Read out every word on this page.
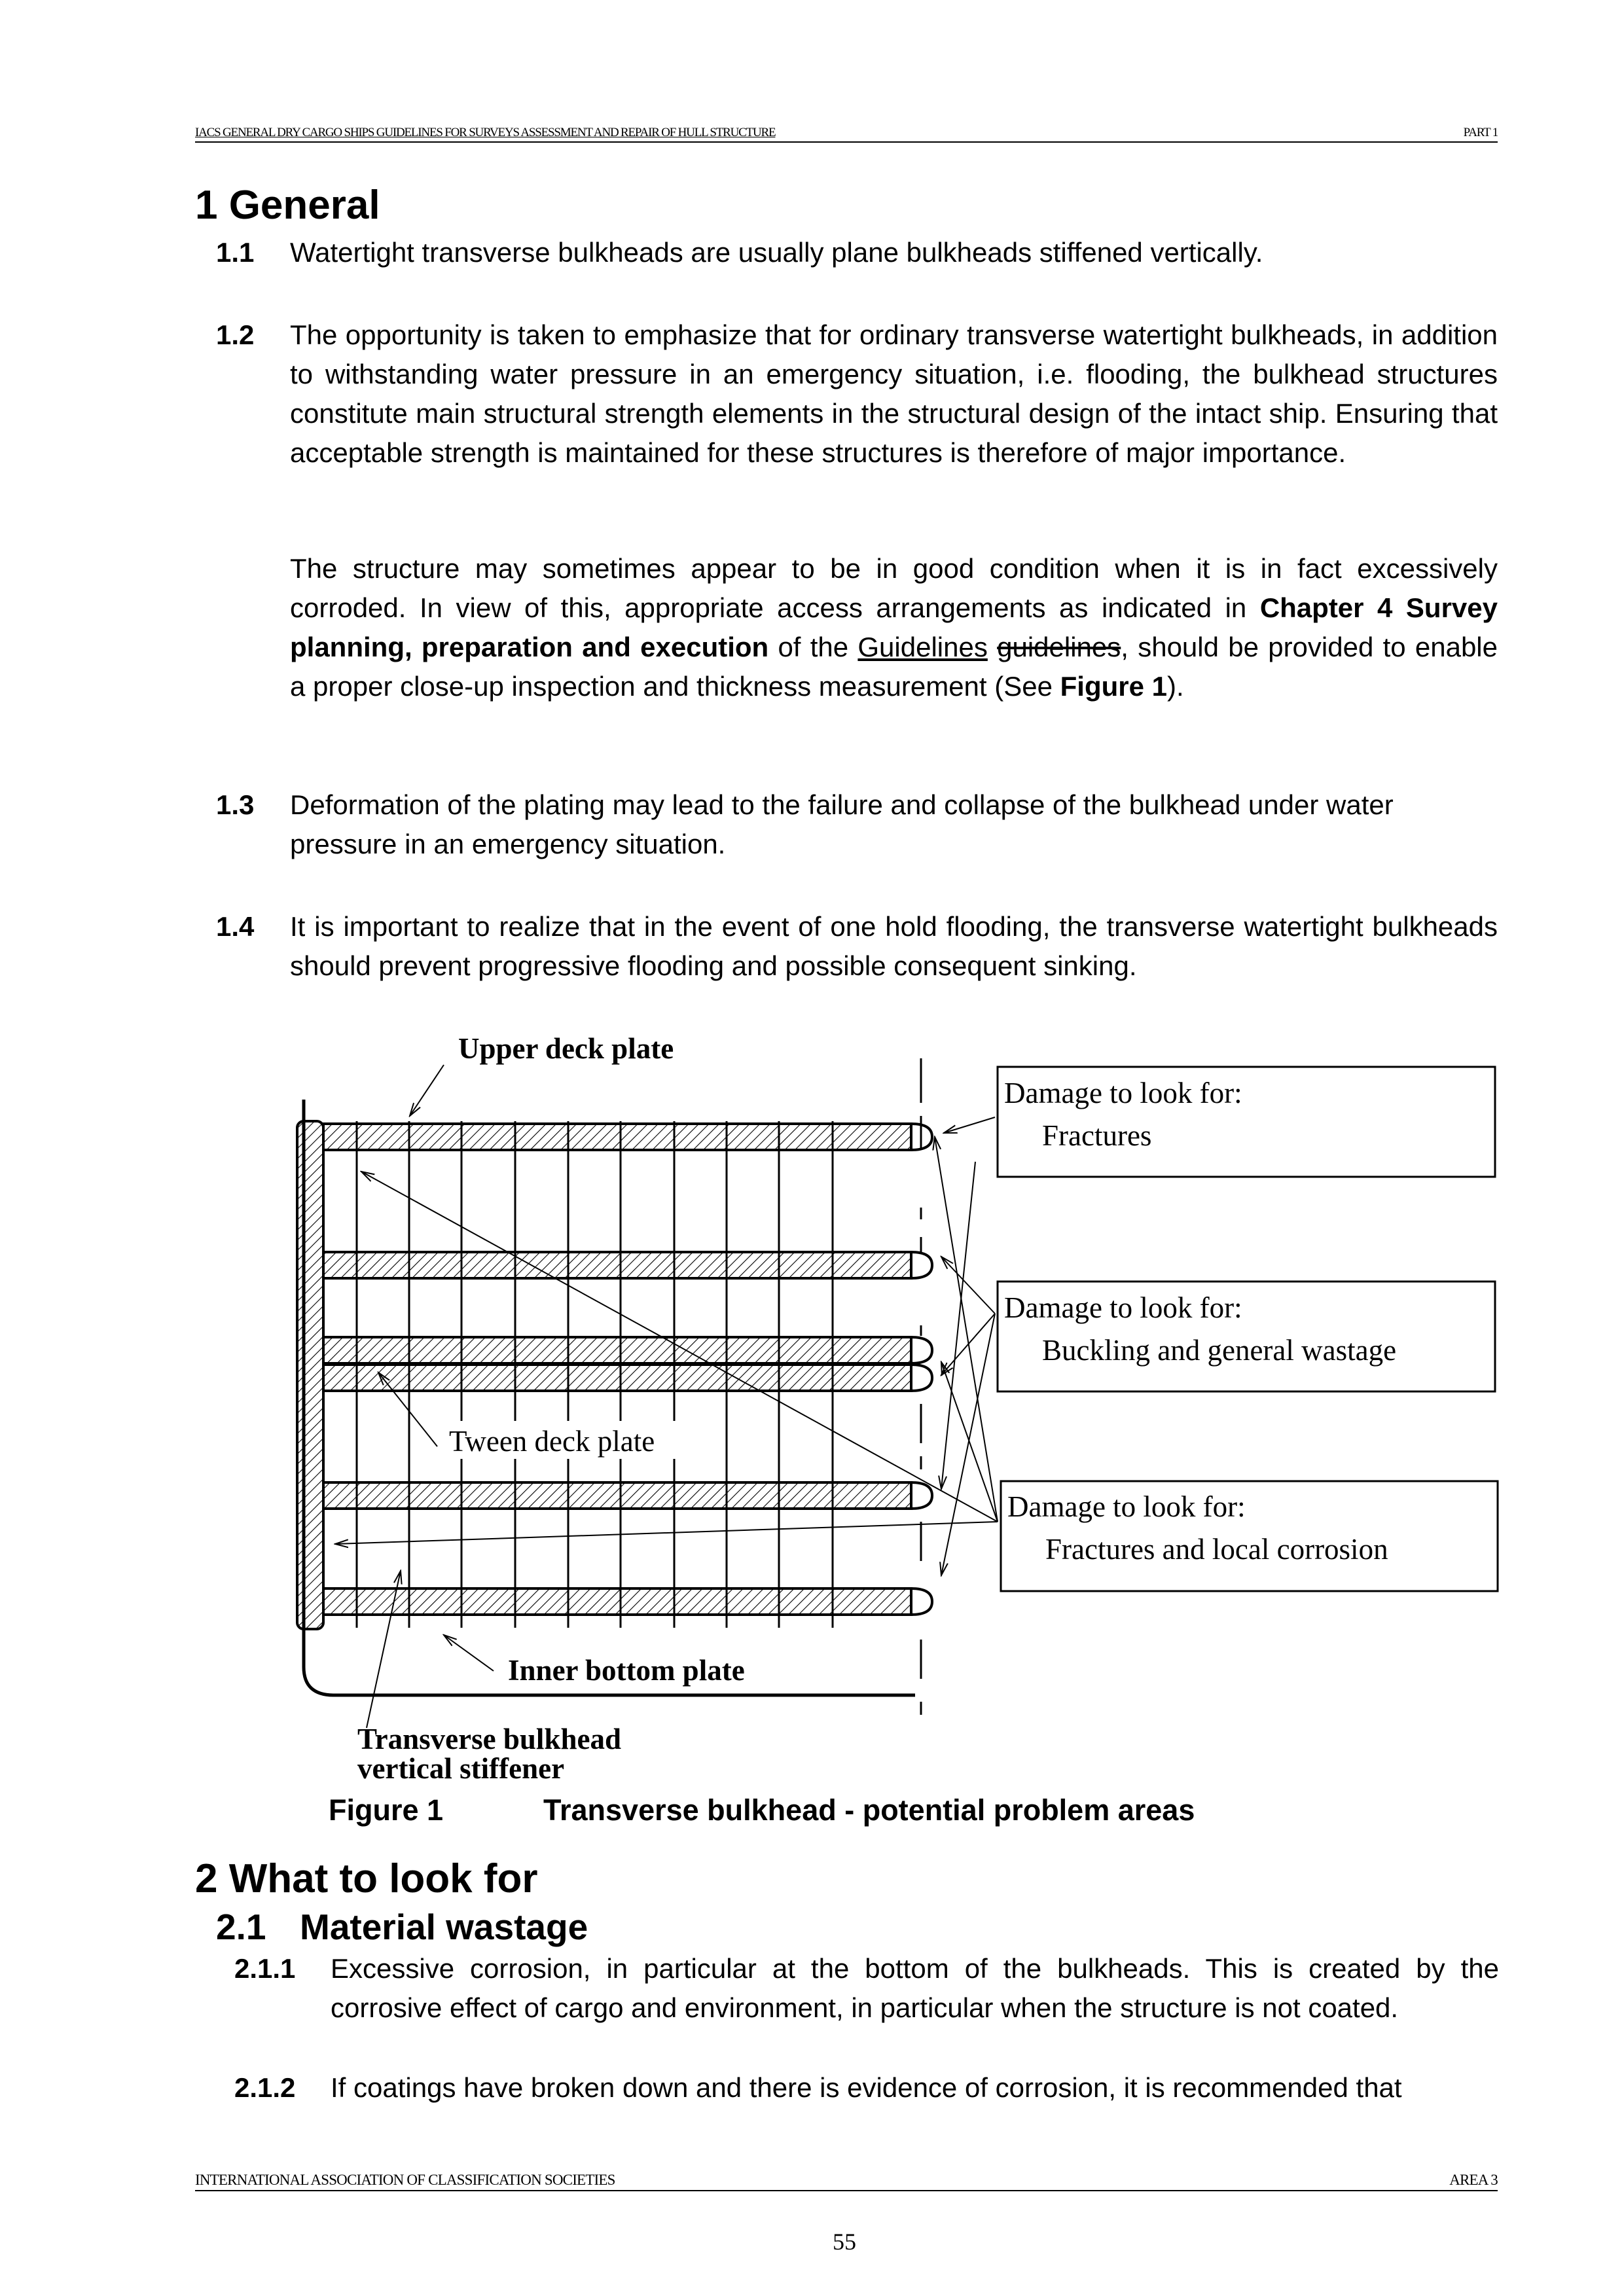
IACS GENERAL DRY CARGO SHIPS GUIDELINES FOR SURVEYS ASSESSMENT AND REPAIR OF HULL STRUCTURE	PART 1
1 General
1.1 Watertight transverse bulkheads are usually plane bulkheads stiffened vertically.

1.2 The opportunity is taken to emphasize that for ordinary transverse watertight bulkheads, in addition to withstanding water pressure in an emergency situation, i.e. flooding, the bulkhead structures constitute main structural strength elements in the structural design of the intact ship. Ensuring that acceptable strength is maintained for these structures is therefore of major importance.

The structure may sometimes appear to be in good condition when it is in fact excessively corroded. In view of this, appropriate access arrangements as indicated in Chapter 4 Survey planning, preparation and execution of the Guidelines guidelines, should be provided to enable a proper close-up inspection and thickness measurement (See Figure 1).

1.3 Deformation of the plating may lead to the failure and collapse of the bulkhead under water pressure in an emergency situation.

1.4 It is important to realize that in the event of one hold flooding, the transverse watertight bulkheads should prevent progressive flooding and possible consequent sinking.

Upper deck plate
Tween deck plate
Inner bottom plate
Transverse bulkhead
vertical stiffener
Damage to look for:
Fractures
Damage to look for:
Buckling and general wastage
Damage to look for:
Fractures and local corrosion
Figure 1	Transverse bulkhead - potential problem areas
2 What to look for
2.1 Material wastage
2.1.1 Excessive corrosion, in particular at the bottom of the bulkheads. This is created by the corrosive effect of cargo and environment, in particular when the structure is not coated.

2.1.2 If coatings have broken down and there is evidence of corrosion, it is recommended that

INTERNATIONAL ASSOCIATION OF CLASSIFICATION SOCIETIES	AREA 3
55
